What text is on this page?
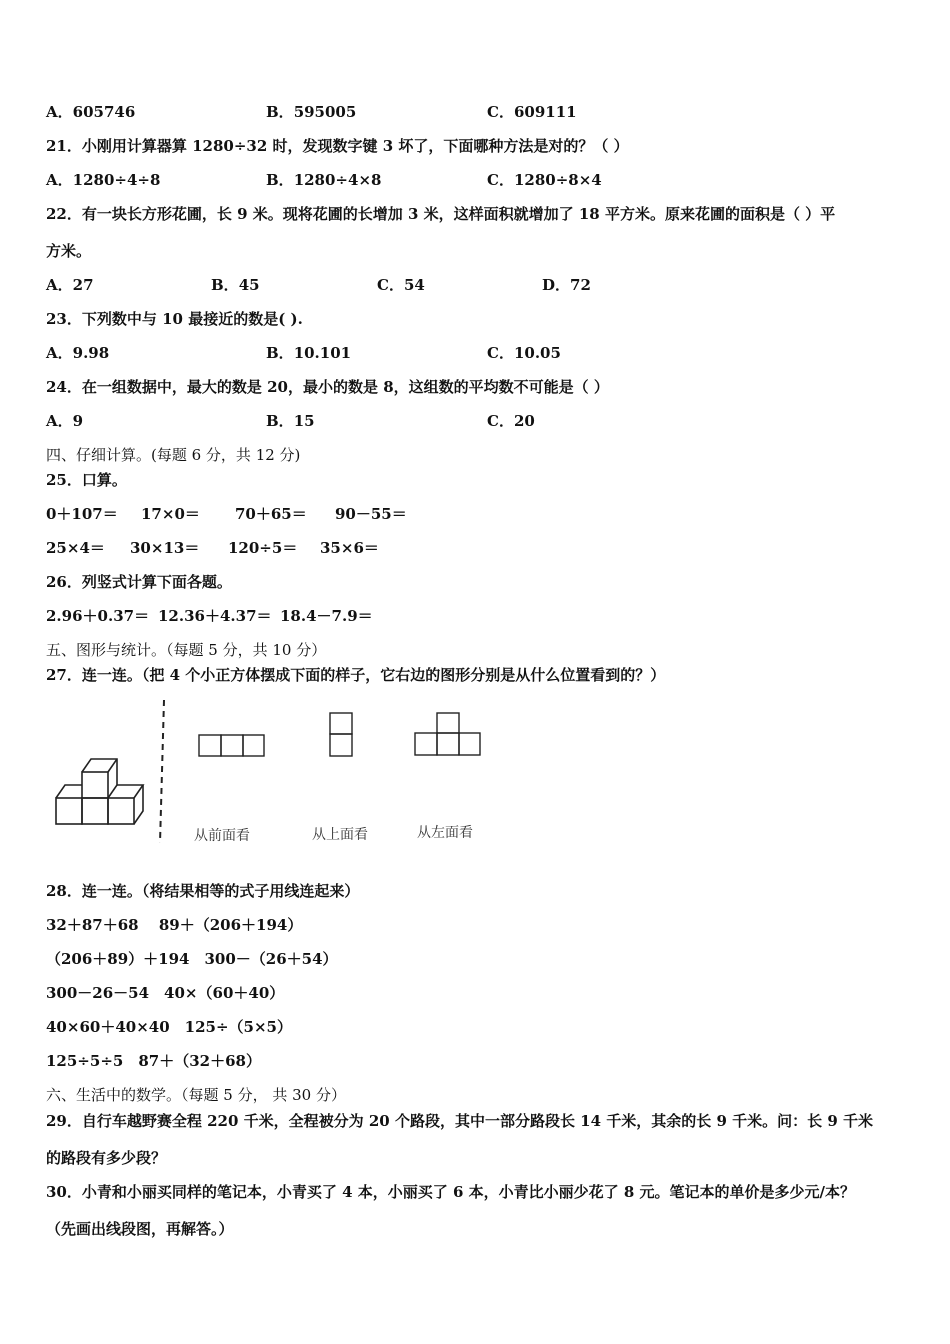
A．605746	B．595005	C．609111
21．小刚用计算器算 1280÷32 时，发现数字键 3 坏了，下面哪种方法是对的？（ ）
A．1280÷4÷8	B．1280÷4×8	C．1280÷8×4
22．有一块长方形花圃，长 9 米。现将花圃的长增加 3 米，这样面积就增加了 18 平方米。原来花圃的面积是（ ）平
方米。
A．27	B．45	C．54	D．72
23．下列数中与 10 最接近的数是( ).
A．9.98	B．10.101	C．10.05
24．在一组数据中，最大的数是 20，最小的数是 8，这组数的平均数不可能是（ ）
A．9	B．15	C．20
四、仔细计算。(每题 6 分，共 12 分)
25．口算。
0＋107＝ 17×0＝ 70＋65＝ 90－55＝
25×4＝ 30×13＝ 120÷5＝ 35×6＝
26．列竖式计算下面各题。
2.96＋0.37＝ 12.36＋4.37＝ 18.4－7.9＝
五、图形与统计。（每题 5 分，共 10 分）
27．连一连。（把 4 个小正方体摆成下面的样子，它右边的图形分别是从什么位置看到的？）
从前面看	从上面看	从左面看
28．连一连。（将结果相等的式子用线连起来）
32＋87＋68　 89＋（206＋194）
（206＋89）＋194　300－（26＋54）
300－26－54　40×（60＋40）
40×60＋40×40　125÷（5×5）
125÷5÷5　87＋（32＋68）
六、生活中的数学。（每题 5 分， 共 30 分）
29．自行车越野赛全程 220 千米，全程被分为 20 个路段，其中一部分路段长 14 千米，其余的长 9 千米。问：长 9 千米
的路段有多少段？
30．小青和小丽买同样的笔记本，小青买了 4 本，小丽买了 6 本，小青比小丽少花了 8 元。笔记本的单价是多少元/本？
（先画出线段图，再解答。）
